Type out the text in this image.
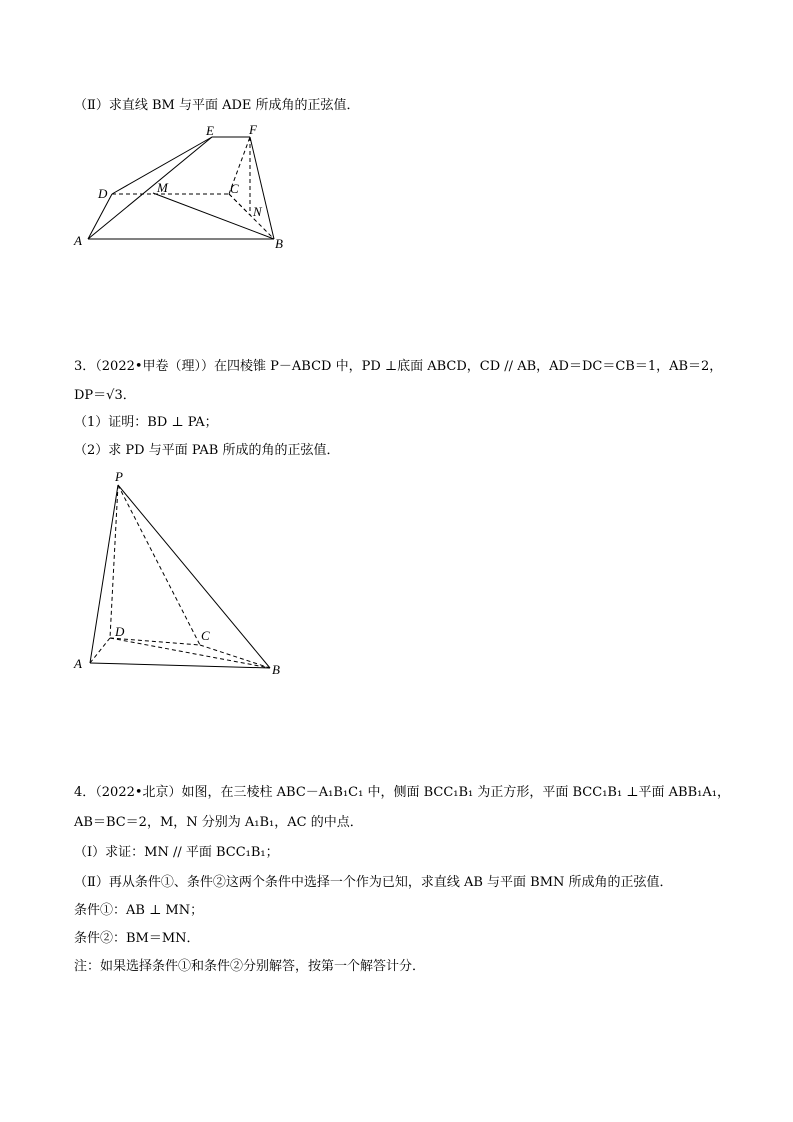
（Ⅱ）求直线 BM 与平面 ADE 所成角的正弦值．
E	F
D	M	C
N
A	B
3．（2022•甲卷（理））在四棱锥 P－ABCD 中，PD ⊥底面 ABCD，CD // AB，AD＝DC＝CB＝1，AB＝2，
DP＝√3．
（1）证明：BD ⊥ PA；
（2）求 PD 与平面 PAB 所成的角的正弦值．
P
D	C
A	B
4．（2022•北京）如图，在三棱柱 ABC－A₁B₁C₁ 中，侧面 BCC₁B₁ 为正方形，平面 BCC₁B₁ ⊥平面 ABB₁A₁，
AB＝BC＝2，M，N 分别为 A₁B₁，AC 的中点．
（Ⅰ）求证：MN // 平面 BCC₁B₁；
（Ⅱ）再从条件①、条件②这两个条件中选择一个作为已知，求直线 AB 与平面 BMN 所成角的正弦值．
条件①：AB ⊥ MN；
条件②：BM＝MN．
注：如果选择条件①和条件②分别解答，按第一个解答计分．
